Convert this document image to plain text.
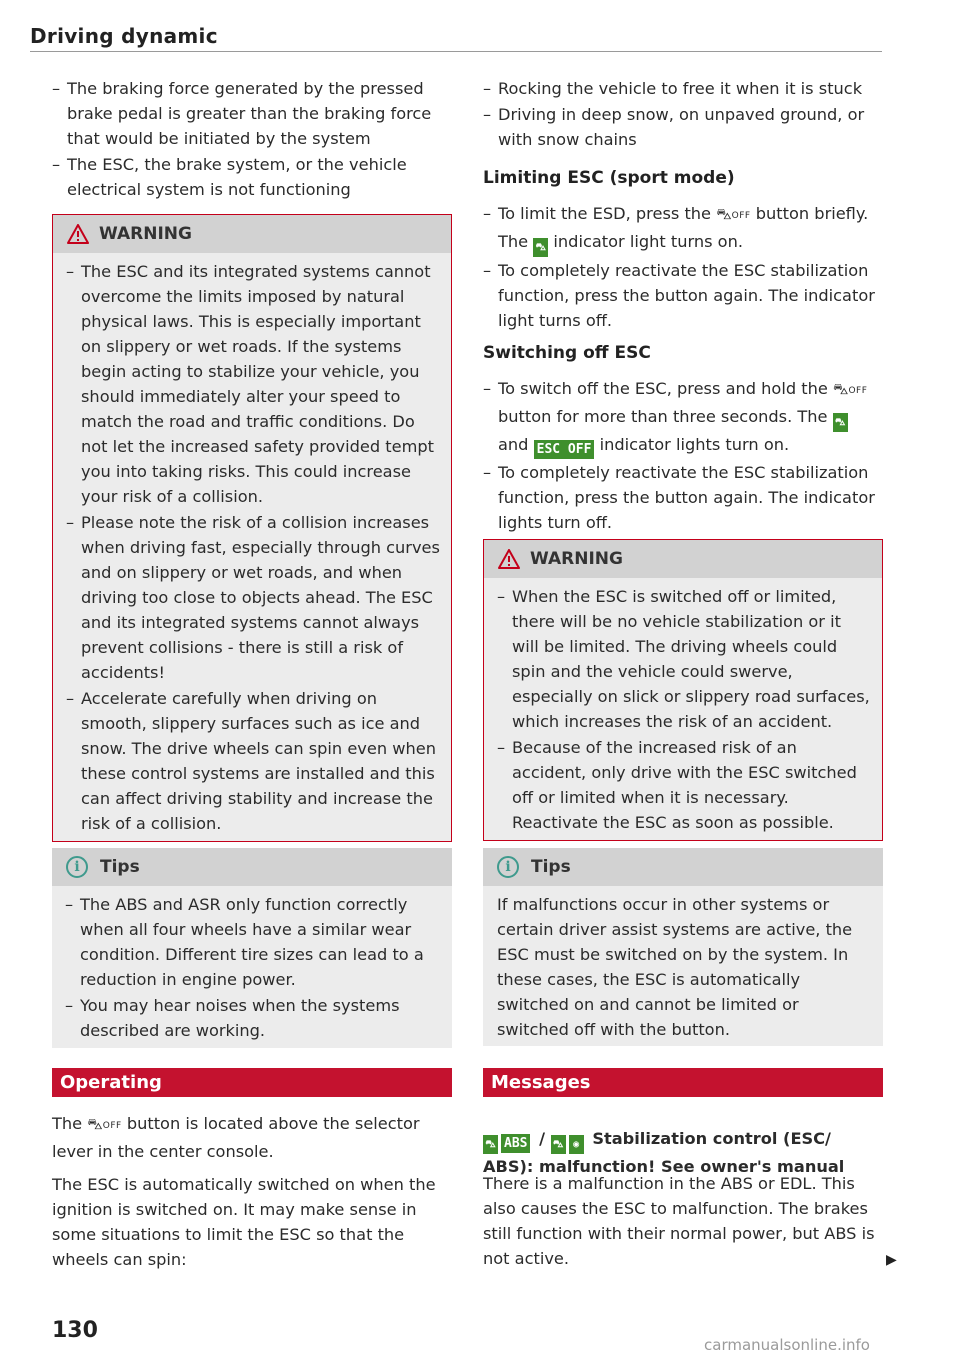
Driving dynamic
– The braking force generated by the pressed brake pedal is greater than the braking force that would be initiated by the system
– The ESC, the brake system, or the vehicle electrical system is not functioning
WARNING
– The ESC and its integrated systems cannot overcome the limits imposed by natural physical laws. This is especially important on slippery or wet roads. If the systems begin acting to stabilize your vehicle, you should immediately alter your speed to match the road and traffic conditions. Do not let the increased safety provided tempt you into taking risks. This could increase your risk of a collision.
– Please note the risk of a collision increases when driving fast, especially through curves and on slippery or wet roads, and when driving too close to objects ahead. The ESC and its integrated systems cannot always prevent collisions - there is still a risk of accidents!
– Accelerate carefully when driving on smooth, slippery surfaces such as ice and snow. The drive wheels can spin even when these control systems are installed and this can affect driving stability and increase the risk of a collision.
i	Tips
– The ABS and ASR only function correctly when all four wheels have a similar wear condition. Different tire sizes can lead to a reduction in engine power.
– You may hear noises when the systems described are working.
Operating

The ⛍OFF button is located above the selector lever in the center console.

The ESC is automatically switched on when the ignition is switched on. It may make sense in some situations to limit the ESC so that the wheels can spin:

– Rocking the vehicle to free it when it is stuck
– Driving in deep snow, on unpaved ground, or with snow chains

Limiting ESC (sport mode)

– To limit the ESD, press the ⛍OFF button briefly. The ⛍ indicator light turns on.
– To completely reactivate the ESC stabilization function, press the button again. The indicator light turns off.

Switching off ESC

– To switch off the ESC, press and hold the ⛍OFF button for more than three seconds. The ⛍ and ESC OFF indicator lights turn on.
– To completely reactivate the ESC stabilization function, press the button again. The indicator lights turn off.
WARNING
– When the ESC is switched off or limited, there will be no vehicle stabilization or it will be limited. The driving wheels could spin and the vehicle could swerve, especially on slick or slippery road surfaces, which increases the risk of an accident.
– Because of the increased risk of an accident, only drive with the ESC switched off or limited when it is necessary. Reactivate the ESC as soon as possible.
i	Tips

If malfunctions occur in other systems or certain driver assist systems are active, the ESC must be switched on by the system. In these cases, the ESC is automatically switched on and cannot be limited or switched off with the button.

Messages

⛍ ABS / ⛍ ◉ Stabilization control (ESC/ ABS): malfunction! See owner's manual

There is a malfunction in the ABS or EDL. This also causes the ESC to malfunction. The brakes still function with their normal power, but ABS is not active.	▶
130
carmanualsonline.info
